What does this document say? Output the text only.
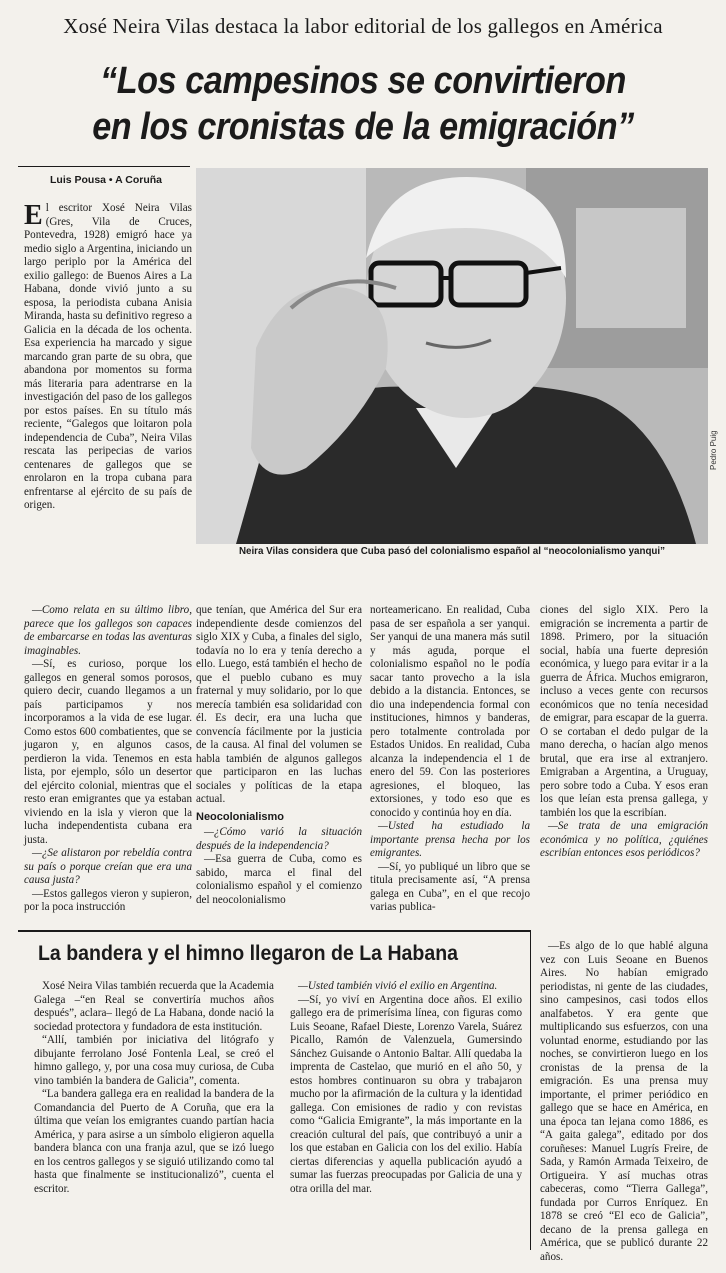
Xosé Neira Vilas destaca la labor editorial de los gallegos en América
“Los campesinos se convirtieron
en los cronistas de la emigración”
Luis Pousa • A Coruña
E l escritor Xosé Neira Vilas (Gres, Vila de Cruces, Pontevedra, 1928) emigró hace ya medio siglo a Argentina, iniciando un largo periplo por la América del exilio gallego: de Buenos Aires a La Habana, donde vivió junto a su esposa, la periodista cubana Anisia Miranda, hasta su definitivo regreso a Galicia en la década de los ochenta. Esa experiencia ha marcado y sigue marcando gran parte de su obra, que abandona por momentos su forma más literaria para adentrarse en la investigación del paso de los gallegos por estos países. En su título más reciente, “Galegos que loitaron pola independencia de Cuba”, Neira Vilas rescata las peripecias de varios centenares de gallegos que se enrolaron en la tropa cubana para enfrentarse al ejército de su país de origen.

Pedro Puig
Neira Vilas considera que Cuba pasó del colonialismo español al “neocolonialismo yanqui”

—Como relata en su último libro, parece que los gallegos son capaces de embarcarse en todas las aventuras imaginables.

—Sí, es curioso, porque los gallegos en general somos porosos, quiero decir, cuando llegamos a un país participamos y nos incorporamos a la vida de ese lugar. Como estos 600 combatientes, que se jugaron y, en algunos casos, perdieron la vida. Tenemos en esta lista, por ejemplo, sólo un desertor del ejército colonial, mientras que el resto eran emigrantes que ya estaban viviendo en la isla y vieron que la lucha independentista cubana era justa.

—¿Se alistaron por rebeldía contra su país o porque creían que era una causa justa?

—Estos gallegos vieron y supieron, por la poca instrucción

que tenían, que América del Sur era independiente desde comienzos del siglo XIX y Cuba, a finales del siglo, todavía no lo era y tenía derecho a ello. Luego, está también el hecho de que el pueblo cubano es muy fraternal y muy solidario, por lo que merecía también esa solidaridad con él. Es decir, era una lucha que convencía fácilmente por la justicia de la causa. Al final del volumen se habla también de algunos gallegos que participaron en las luchas sociales y políticas de la etapa actual.

Neocolonialismo

—¿Cómo varió la situación después de la independencia?

—Esa guerra de Cuba, como es sabido, marca el final del colonialismo español y el comienzo del neocolonialismo

norteamericano. En realidad, Cuba pasa de ser española a ser yanqui. Ser yanqui de una manera más sutil y más aguda, porque el colonialismo español no le podía sacar tanto provecho a la isla debido a la distancia. Entonces, se dio una independencia formal con instituciones, himnos y banderas, pero totalmente controlada por Estados Unidos. En realidad, Cuba alcanza la independencia el 1 de enero del 59. Con las posteriores agresiones, el bloqueo, las extorsiones, y todo eso que es conocido y continúa hoy en día.

—Usted ha estudiado la importante prensa hecha por los emigrantes.

—Sí, yo publiqué un libro que se titula precisamente así, “A prensa galega en Cuba”, en el que recojo varias publica-

ciones del siglo XIX. Pero la emigración se incrementa a partir de 1898. Primero, por la situación social, había una fuerte depresión económica, y luego para evitar ir a la guerra de África. Muchos emigraron, incluso a veces gente con recursos económicos que no tenía necesidad de emigrar, para escapar de la guerra. O se cortaban el dedo pulgar de la mano derecha, o hacían algo menos brutal, que era irse al extranjero. Emigraban a Argentina, a Uruguay, pero sobre todo a Cuba. Y esos eran los que leían esta prensa gallega, y también los que la escribían.

—Se trata de una emigración económica y no política, ¿quiénes escribían entonces esos periódicos?

—Es algo de lo que hablé alguna vez con Luis Seoane en Buenos Aires. No habían emigrado periodistas, ni gente de las ciudades, sino campesinos, casi todos ellos analfabetos. Y era gente que multiplicando sus esfuerzos, con una voluntad enorme, estudiando por las noches, se convirtieron luego en los cronistas de la prensa de la emigración. Es una prensa muy importante, el primer periódico en gallego que se hace en América, en una época tan lejana como 1886, es “A gaita galega”, editado por dos coruñeses: Manuel Lugrís Freire, de Sada, y Ramón Armada Teixeiro, de Ortigueira. Y así muchas otras cabeceras, como “Tierra Gallega”, fundada por Curros Enríquez. En 1878 se creó “El eco de Galicia”, decano de la prensa gallega en América, que se publicó durante 22 años.

La bandera y el himno llegaron de La Habana

Xosé Neira Vilas también recuerda que la Academia Galega –“en Real se convertiría muchos años después”, aclara– llegó de La Habana, donde nació la sociedad protectora y fundadora de esta institución.

“Allí, también por iniciativa del litógrafo y dibujante ferrolano José Fontenla Leal, se creó el himno gallego, y, por una cosa muy curiosa, de Cuba vino también la bandera de Galicia”, comenta.

“La bandera gallega era en realidad la bandera de la Comandancia del Puerto de A Coruña, que era la última que veían los emigrantes cuando partían hacia América, y para asirse a un símbolo eligieron aquella bandera blanca con una franja azul, que se izó luego en los centros gallegos y se siguió utilizando como tal hasta que finalmente se institucionalizó”, cuenta el escritor.

—Usted también vivió el exilio en Argentina.

—Sí, yo viví en Argentina doce años. El exilio gallego era de primerísima línea, con figuras como Luis Seoane, Rafael Dieste, Lorenzo Varela, Suárez Picallo, Ramón de Valenzuela, Gumersindo Sánchez Guisande o Antonio Baltar. Allí quedaba la imprenta de Castelao, que murió en el año 50, y estos hombres continuaron su obra y trabajaron mucho por la afirmación de la cultura y la identidad gallega. Con emisiones de radio y con revistas como “Galicia Emigrante”, la más importante en la creación cultural del país, que contribuyó a unir a los que estaban en Galicia con los del exilio. Había ciertas diferencias y aquella publicación ayudó a sumar las fuerzas preocupadas por Galicia de una y otra orilla del mar.
